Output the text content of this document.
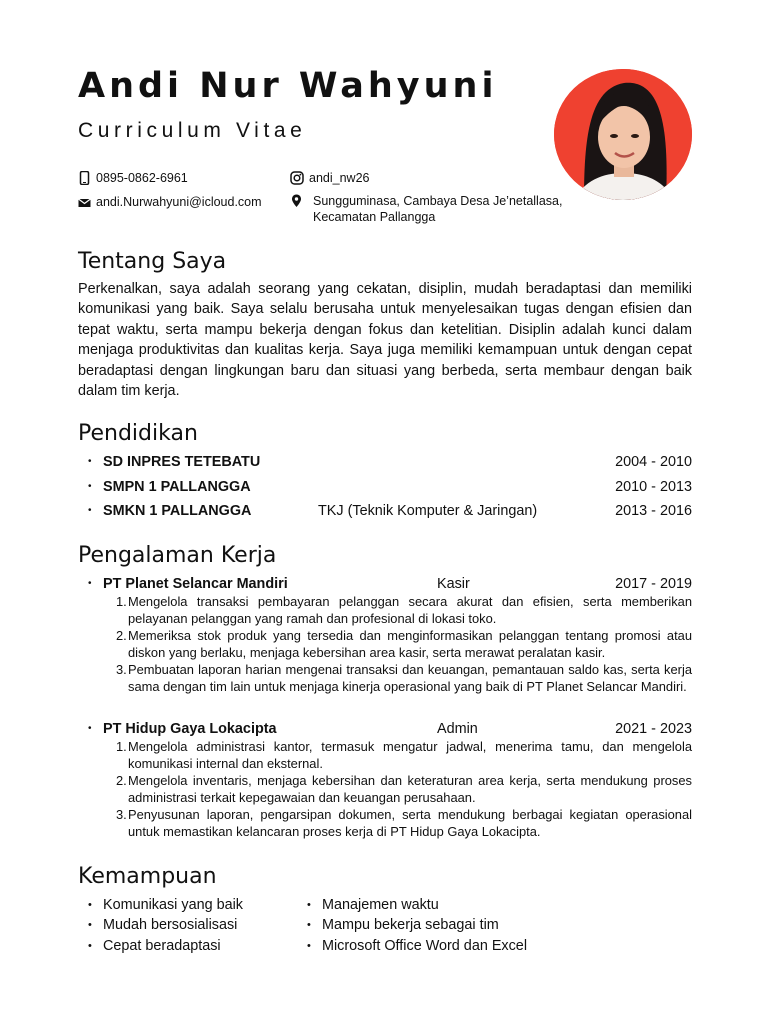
Andi Nur Wahyuni

Curriculum Vitae

0895-0862-6961
andi.Nurwahyuni@icloud.com
andi_nw26
Sungguminasa, Cambaya Desa Je’netallasa,
Kecamatan Pallangga
Tentang Saya

Perkenalkan, saya adalah seorang yang cekatan, disiplin, mudah beradaptasi dan memiliki komunikasi yang baik. Saya selalu berusaha untuk menyelesaikan tugas dengan efisien dan tepat waktu, serta mampu bekerja dengan fokus dan ketelitian. Disiplin adalah kunci dalam menjaga produktivitas dan kualitas kerja. Saya juga memiliki kemampuan untuk dengan cepat beradaptasi dengan lingkungan baru dan situasi yang berbeda, serta membaur dengan baik dalam tim kerja.

Pendidikan
• SD INPRES TETEBATU	2004 - 2010
• SMPN 1 PALLANGGA	2010 - 2013
• SMKN 1 PALLANGGA	TKJ (Teknik Komputer & Jaringan)	2013 - 2016
Pengalaman Kerja
• PT Planet Selancar Mandiri	Kasir	2017 - 2019
1. Mengelola transaksi pembayaran pelanggan secara akurat dan efisien, serta memberikan pelayanan pelanggan yang ramah dan profesional di lokasi toko.
2. Memeriksa stok produk yang tersedia dan menginformasikan pelanggan tentang promosi atau diskon yang berlaku, menjaga kebersihan area kasir, serta merawat peralatan kasir.
3. Pembuatan laporan harian mengenai transaksi dan keuangan, pemantauan saldo kas, serta kerja sama dengan tim lain untuk menjaga kinerja operasional yang baik di PT Planet Selancar Mandiri.
• PT Hidup Gaya Lokacipta	Admin	2021 - 2023
1. Mengelola administrasi kantor, termasuk mengatur jadwal, menerima tamu, dan mengelola komunikasi internal dan eksternal.
2. Mengelola inventaris, menjaga kebersihan dan keteraturan area kerja, serta mendukung proses administrasi terkait kepegawaian dan keuangan perusahaan.
3. Penyusunan laporan, pengarsipan dokumen, serta mendukung berbagai kegiatan operasional untuk memastikan kelancaran proses kerja di PT Hidup Gaya Lokacipta.
Kemampuan
• Komunikasi yang baik
• Mudah bersosialisasi
• Cepat beradaptasi
• Manajemen waktu
• Mampu bekerja sebagai tim
• Microsoft Office Word dan Excel
